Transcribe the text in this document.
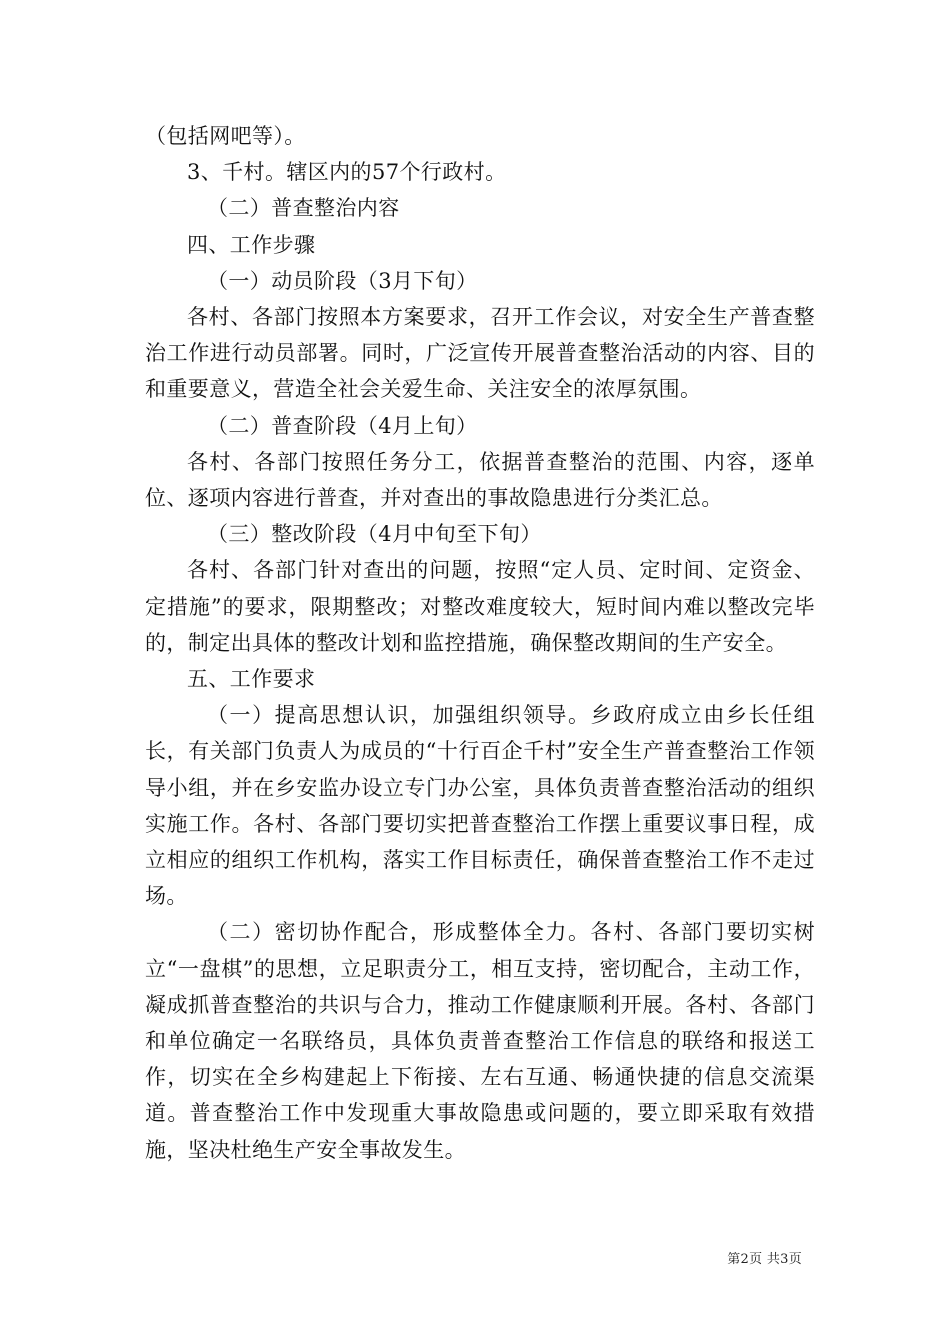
（包括网吧等）。

3、千村。辖区内的57个行政村。

（二）普查整治内容

四、工作步骤

（一）动员阶段（3月下旬）

各村、各部门按照本方案要求，召开工作会议，对安全生产普查整治工作进行动员部署。同时，广泛宣传开展普查整治活动的内容、目的和重要意义，营造全社会关爱生命、关注安全的浓厚氛围。

（二）普查阶段（4月上旬）

各村、各部门按照任务分工，依据普查整治的范围、内容，逐单位、逐项内容进行普查，并对查出的事故隐患进行分类汇总。

（三）整改阶段（4月中旬至下旬）

各村、各部门针对查出的问题，按照“定人员、定时间、定资金、定措施”的要求，限期整改；对整改难度较大，短时间内难以整改完毕的，制定出具体的整改计划和监控措施，确保整改期间的生产安全。

五、工作要求

（一）提高思想认识，加强组织领导。乡政府成立由乡长任组长，有关部门负责人为成员的“十行百企千村”安全生产普查整治工作领导小组，并在乡安监办设立专门办公室，具体负责普查整治活动的组织实施工作。各村、各部门要切实把普查整治工作摆上重要议事日程，成立相应的组织工作机构，落实工作目标责任，确保普查整治工作不走过场。

（二）密切协作配合，形成整体全力。各村、各部门要切实树立“一盘棋”的思想，立足职责分工，相互支持，密切配合，主动工作，凝成抓普查整治的共识与合力，推动工作健康顺利开展。各村、各部门和单位确定一名联络员，具体负责普查整治工作信息的联络和报送工作，切实在全乡构建起上下衔接、左右互通、畅通快捷的信息交流渠道。普查整治工作中发现重大事故隐患或问题的，要立即采取有效措施，坚决杜绝生产安全事故发生。

第2页 共3页
